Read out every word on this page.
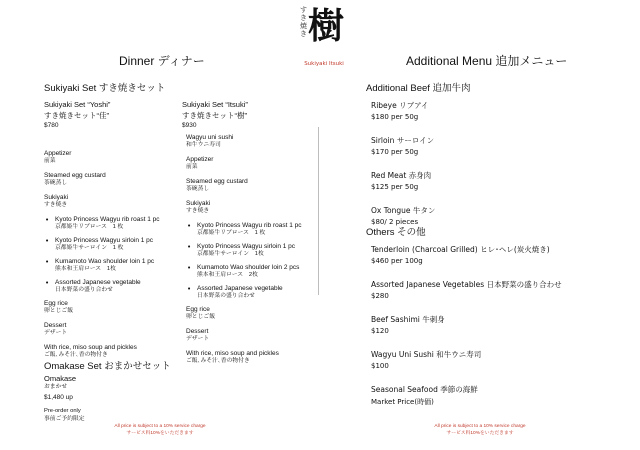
す き 焼 き 樹
Sukiyaki Itsuki
Dinner ディナー
Sukiyaki Set すき焼きセット
Sukiyaki Set “Yoshi”
すき焼きセット“佳”
$780
Appetizer
前菜
Steamed egg custard
茶碗蒸し
Sukiyaki
すき焼き
• Kyoto Princess Wagyu rib roast 1 pc
京都姫牛リブロース　1 枚
• Kyoto Princess Wagyu sirloin 1 pc
京都姫牛サーロイン　1 枚
• Kumamoto Wao shoulder loin 1 pc
熊本和王肩ロース　1枚
• Assorted Japanese vegetable
日本野菜の盛り合わせ
Egg rice
卵とじご飯
Dessert
デザート
With rice, miso soup and pickles
ご飯､みそ汁､香の物付き
Sukiyaki Set “Itsuki”
すき焼きセット“樹”
$930
Wagyu uni sushi
和牛ウニ寿司
Appetizer
前菜
Steamed egg custard
茶碗蒸し
Sukiyaki
すき焼き
• Kyoto Princess Wagyu rib roast 1 pc
京都姫牛リブロース　1 枚
• Kyoto Princess Wagyu sirloin 1 pc
京都姫牛サーロイン　1枚
• Kumamoto Wao shoulder loin 2 pcs
熊本和王肩ロース　2枚
• Assorted Japanese vegetable
日本野菜の盛り合わせ
Egg rice
卵とじご飯
Dessert
デザート
With rice, miso soup and pickles
ご飯､みそ汁､香の物付き
Omakase Set おまかせセット
Omakase
おまかせ
$1,480 up
Pre-order only
事前ご予約限定
All price is subject to a 10% service charge
サービス料10%をいただきます
Additional Menu 追加メニュー
Additional Beef 追加牛肉
Ribeye リブアイ
$180 per 50g
Sirloin サーロイン
$170 per 50g
Red Meat 赤身肉
$125 per 50g
Ox Tongue 牛タン
$80/ 2 pieces
Others その他
Tenderloin (Charcoal Grilled) ヒレ･ヘレ(炭火焼き)
$460 per 100g
Assorted Japanese Vegetables 日本野菜の盛り合わせ
$280
Beef Sashimi 牛刺身
$120
Wagyu Uni Sushi 和牛ウニ寿司
$100
Seasonal Seafood 季節の海鮮
Market Price(時価)
All price is subject to a 10% service charge
サービス料10%をいただきます
